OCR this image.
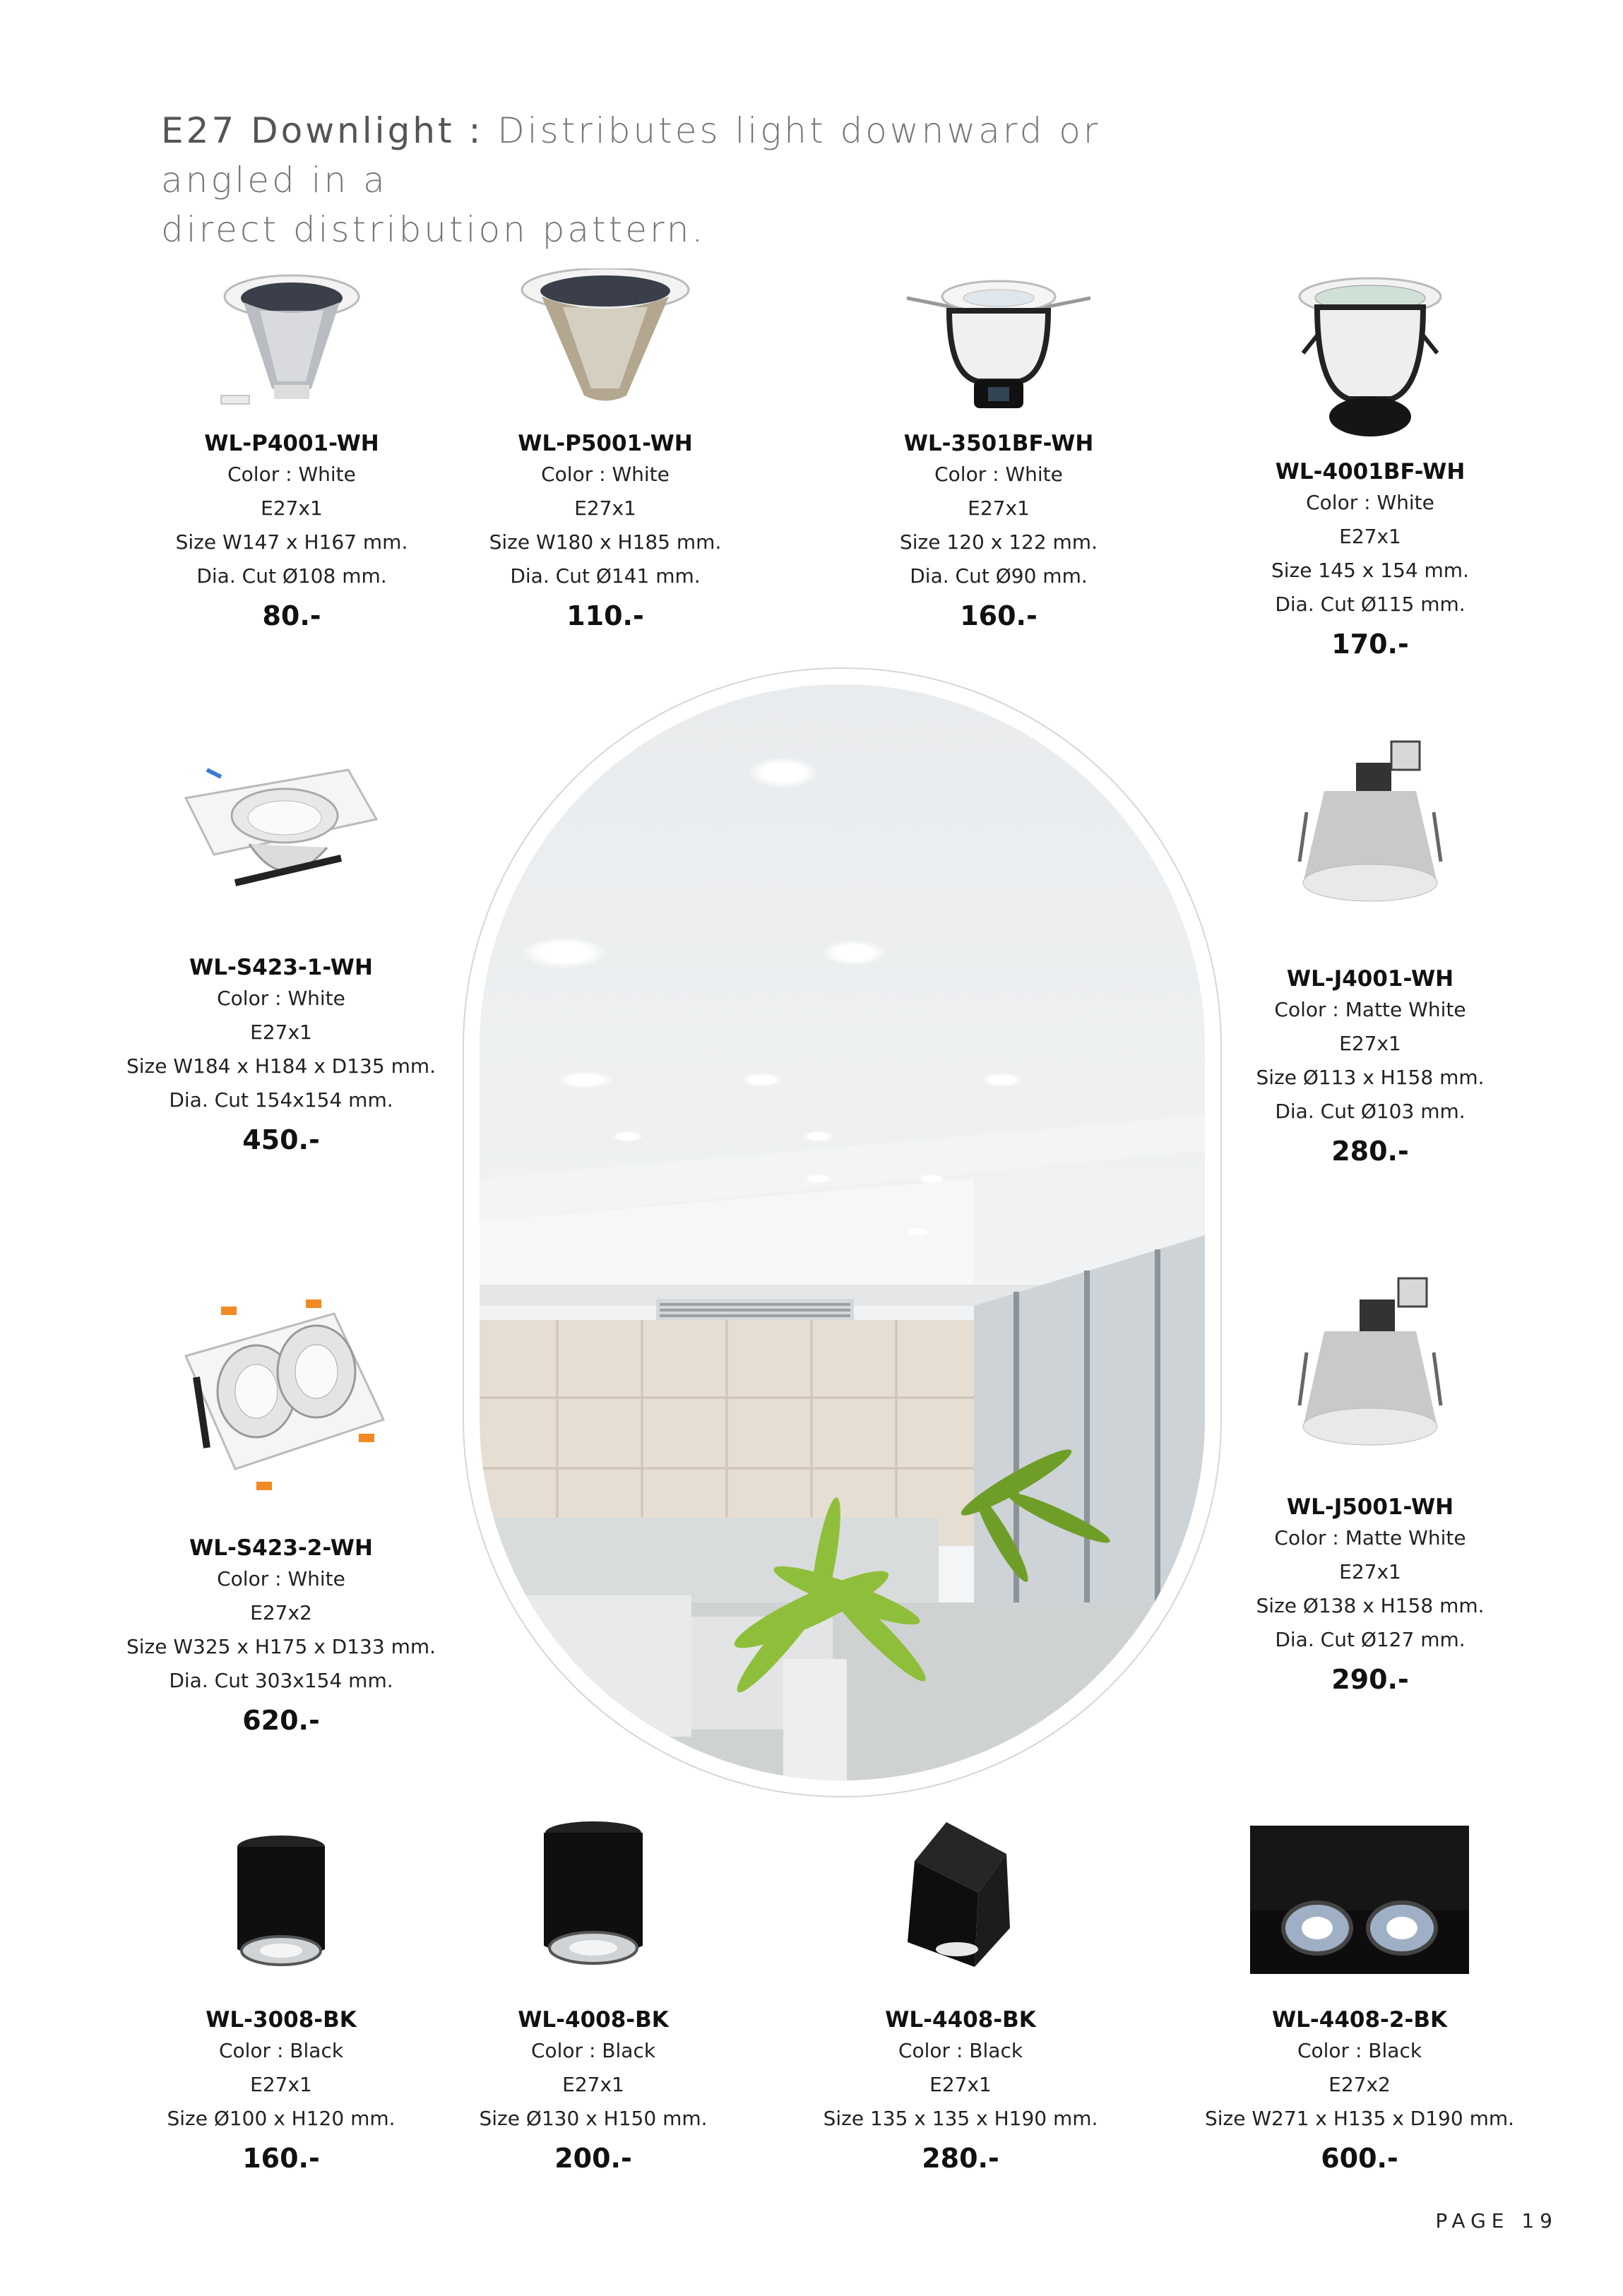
E27 Downlight : Distributes light downward or angled in a
direct distribution pattern.
WL-P4001-WH
Color : White
E27x1
Size W147 x H167 mm.
Dia. Cut Ø108 mm.
80.-
WL-P5001-WH
Color : White
E27x1
Size W180 x H185 mm.
Dia. Cut Ø141 mm.
110.-
WL-3501BF-WH
Color : White
E27x1
Size 120 x 122 mm.
Dia. Cut Ø90 mm.
160.-
WL-4001BF-WH
Color : White
E27x1
Size 145 x 154 mm.
Dia. Cut Ø115 mm.
170.-
WL-S423-1-WH
Color : White
E27x1
Size W184 x H184 x D135 mm.
Dia. Cut 154x154 mm.
450.-
WL-J4001-WH
Color : Matte White
E27x1
Size Ø113 x H158 mm.
Dia. Cut Ø103 mm.
280.-
WL-S423-2-WH
Color : White
E27x2
Size W325 x H175 x D133 mm.
Dia. Cut 303x154 mm.
620.-
WL-J5001-WH
Color : Matte White
E27x1
Size Ø138 x H158 mm.
Dia. Cut Ø127 mm.
290.-
WL-3008-BK
Color : Black
E27x1
Size Ø100 x H120 mm.
160.-
WL-4008-BK
Color : Black
E27x1
Size Ø130 x H150 mm.
200.-
WL-4408-BK
Color : Black
E27x1
Size 135 x 135 x H190 mm.
280.-
WL-4408-2-BK
Color : Black
E27x2
Size W271 x H135 x D190 mm.
600.-
PAGE 19
